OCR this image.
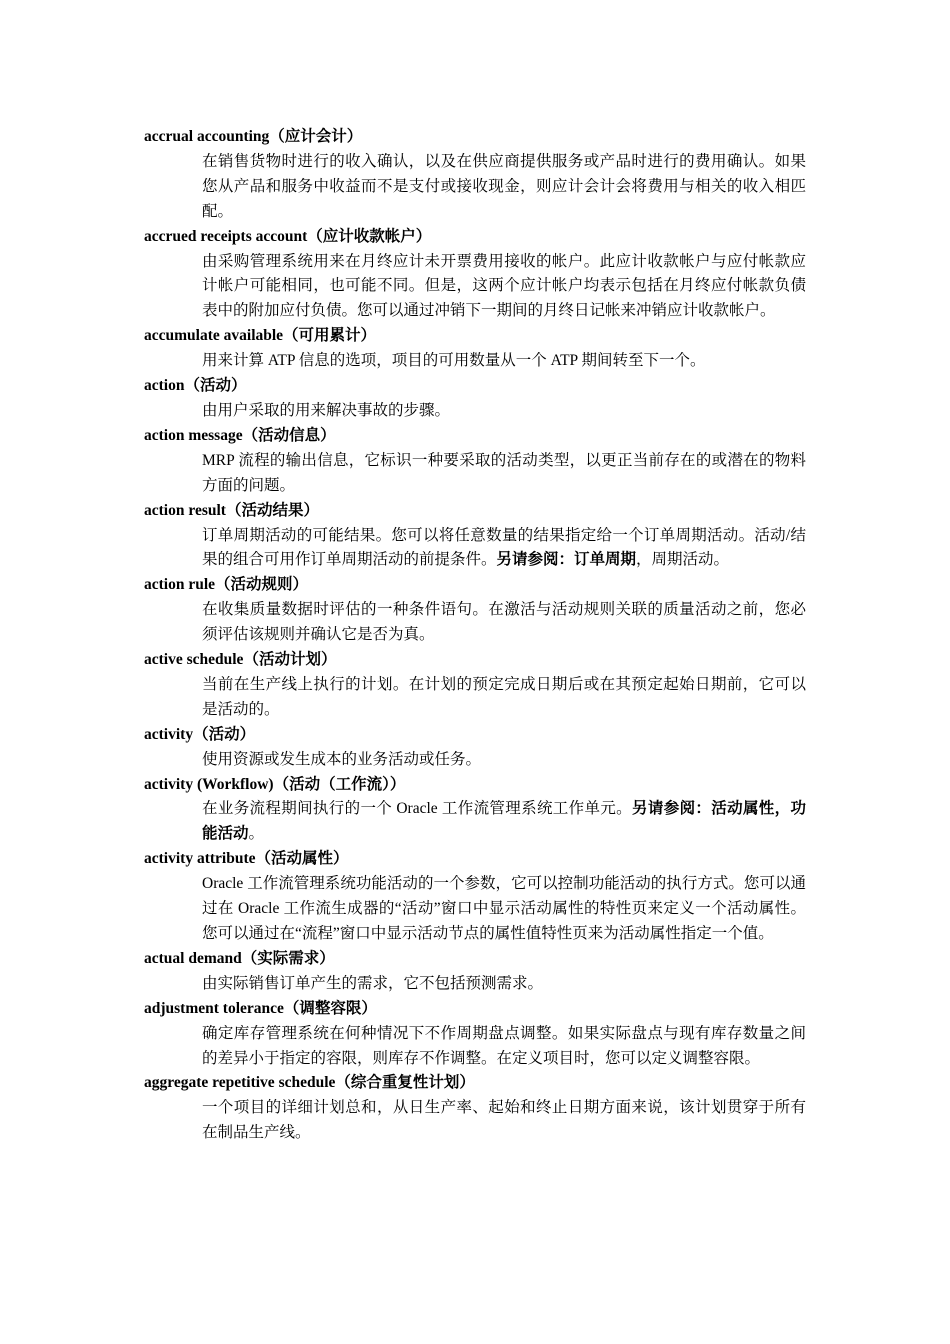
accrual accounting（应计会计）
在销售货物时进行的收入确认，以及在供应商提供服务或产品时进行的费用确认。如果您从产品和服务中收益而不是支付或接收现金，则应计会计会将费用与相关的收入相匹配。
accrued receipts account（应计收款帐户）
由采购管理系统用来在月终应计未开票费用接收的帐户。此应计收款帐户与应付帐款应计帐户可能相同，也可能不同。但是，这两个应计帐户均表示包括在月终应付帐款负债表中的附加应付负债。您可以通过冲销下一期间的月终日记帐来冲销应计收款帐户。
accumulate available（可用累计）
用来计算 ATP 信息的选项，项目的可用数量从一个 ATP 期间转至下一个。
action（活动）
由用户采取的用来解决事故的步骤。
action message（活动信息）
MRP 流程的输出信息，它标识一种要采取的活动类型，以更正当前存在的或潜在的物料方面的问题。
action result（活动结果）
订单周期活动的可能结果。您可以将任意数量的结果指定给一个订单周期活动。活动/结果的组合可用作订单周期活动的前提条件。另请参阅：订单周期，周期活动。
action rule（活动规则）
在收集质量数据时评估的一种条件语句。在激活与活动规则关联的质量活动之前，您必须评估该规则并确认它是否为真。
active schedule（活动计划）
当前在生产线上执行的计划。在计划的预定完成日期后或在其预定起始日期前，它可以是活动的。
activity（活动）
使用资源或发生成本的业务活动或任务。
activity (Workflow)（活动（工作流））
在业务流程期间执行的一个 Oracle 工作流管理系统工作单元。另请参阅：活动属性，功能活动。
activity attribute（活动属性）
Oracle 工作流管理系统功能活动的一个参数，它可以控制功能活动的执行方式。您可以通过在 Oracle 工作流生成器的“活动”窗口中显示活动属性的特性页来定义一个活动属性。您可以通过在“流程”窗口中显示活动节点的属性值特性页来为活动属性指定一个值。
actual demand（实际需求）
由实际销售订单产生的需求，它不包括预测需求。
adjustment tolerance（调整容限）
确定库存管理系统在何种情况下不作周期盘点调整。如果实际盘点与现有库存数量之间的差异小于指定的容限，则库存不作调整。在定义项目时，您可以定义调整容限。
aggregate repetitive schedule（综合重复性计划）
一个项目的详细计划总和，从日生产率、起始和终止日期方面来说，该计划贯穿于所有在制品生产线。
